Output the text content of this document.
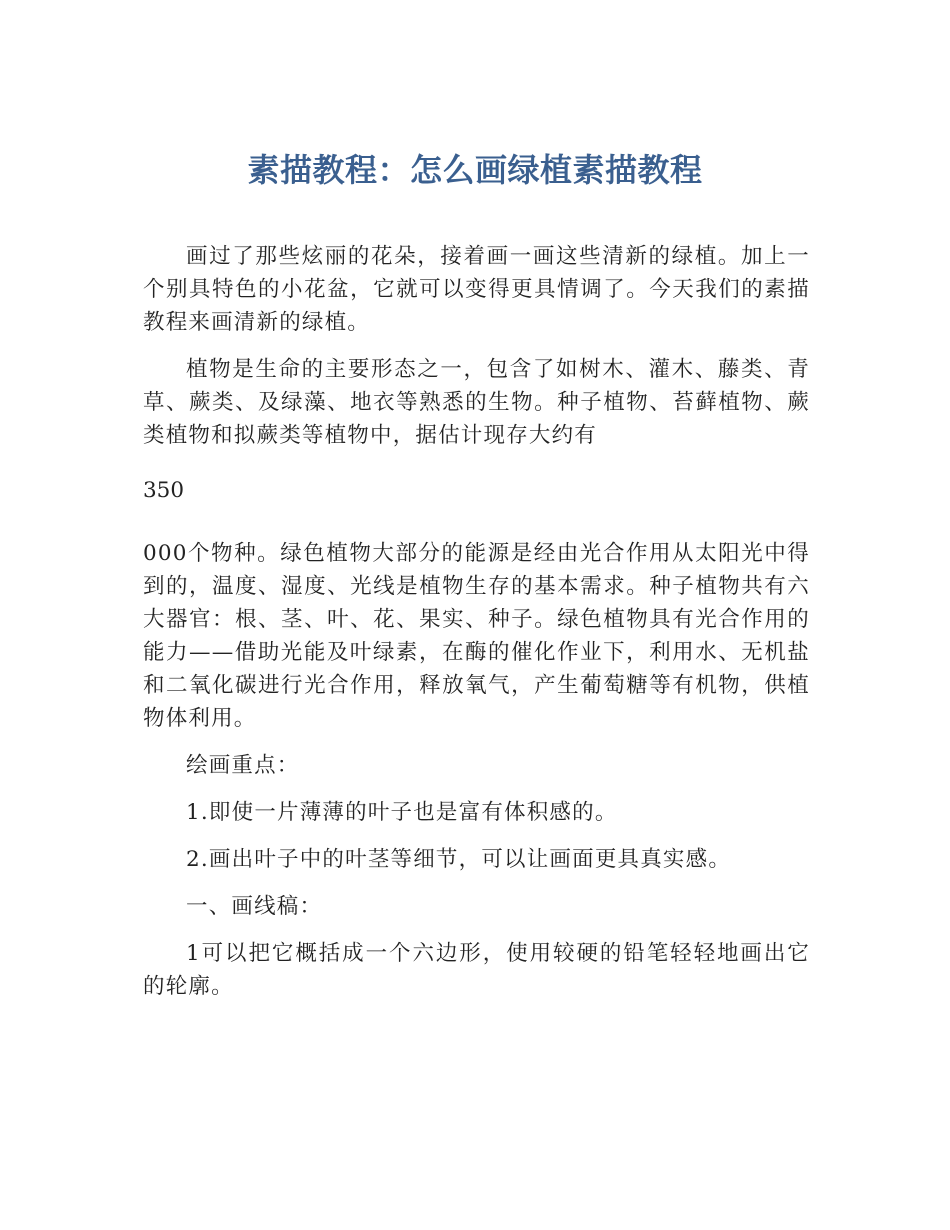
素描教程：怎么画绿植素描教程

画过了那些炫丽的花朵，接着画一画这些清新的绿植。加上一个别具特色的小花盆，它就可以变得更具情调了。今天我们的素描教程来画清新的绿植。

植物是生命的主要形态之一，包含了如树木、灌木、藤类、青草、蕨类、及绿藻、地衣等熟悉的生物。种子植物、苔藓植物、蕨类植物和拟蕨类等植物中，据估计现存大约有

350

000个物种。绿色植物大部分的能源是经由光合作用从太阳光中得到的，温度、湿度、光线是植物生存的基本需求。种子植物共有六大器官：根、茎、叶、花、果实、种子。绿色植物具有光合作用的能力——借助光能及叶绿素，在酶的催化作业下，利用水、无机盐和二氧化碳进行光合作用，释放氧气，产生葡萄糖等有机物，供植物体利用。

绘画重点：

1.即使一片薄薄的叶子也是富有体积感的。

2.画出叶子中的叶茎等细节，可以让画面更具真实感。

一、画线稿：

1可以把它概括成一个六边形，使用较硬的铅笔轻轻地画出它的轮廓。
